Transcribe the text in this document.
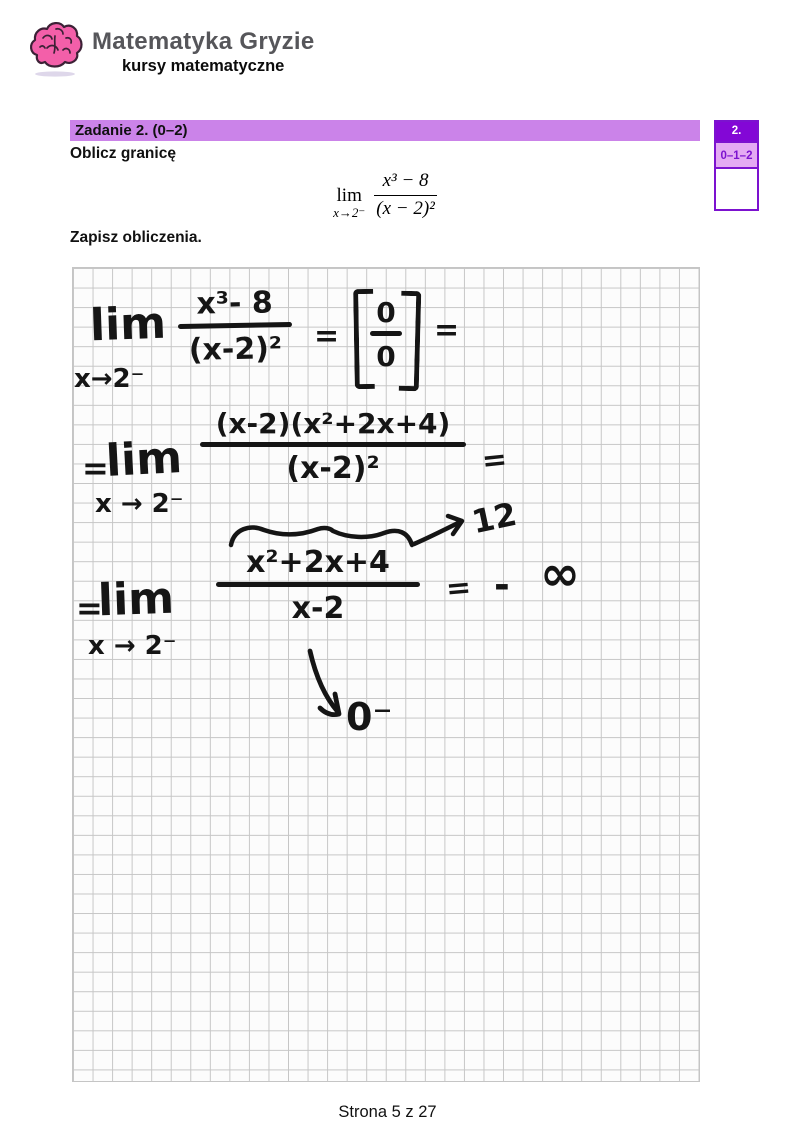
Matematyka Gryzie
kursy matematyczne
Zadanie 2. (0–2)
Oblicz granicę
lim
x→2⁻
x³ − 8
(x − 2)²
Zapisz obliczenia.
2.
0–1–2
lim
x→2⁻
x³- 8
(x-2)²	=
0
0
=
=
lim
x → 2⁻
(x-2)(x²+2x+4)
(x-2)²	=
12
=
lim
x → 2⁻
x²+2x+4
x-2
= - ∞
0⁻
Strona 5 z 27
